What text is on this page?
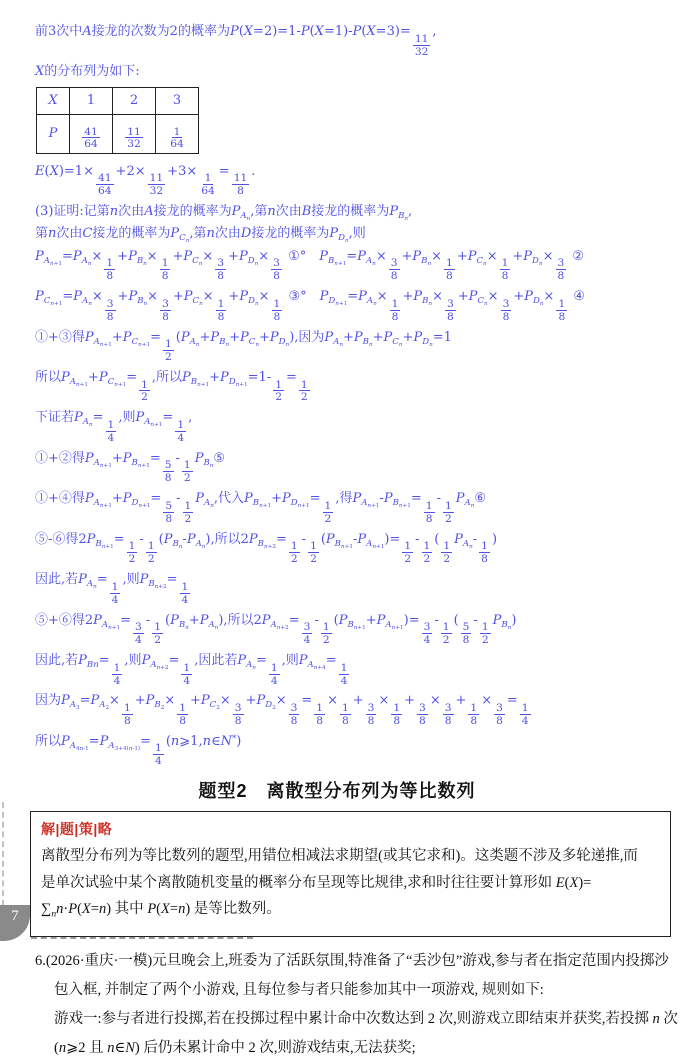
前3次中A接龙的次数为2的概率为P(X=2)=1-P(X=1)-P(X=3)=
$\frac{11}{32}$
,
X的分布列为如下:
X	1	2	3
P	$\frac{41}{64}$	$\frac{11}{32}$	$\frac{1}{64}$
E(X)=1×
$\frac{41}{64}$
+2×
$\frac{11}{32}$
+3×
$\frac{1}{64}$
=
$\frac{11}{8}$
.
(3)证明:记第n次由A接龙的概率为$P_{A_n}$,第n次由B接龙的概率为$P_{B_n}$,
第n次由C接龙的概率为$P_{C_n}$,第n次由D接龙的概率为$P_{D_n}$,则
$P_{A_{n+1}}=P_{A_n}\times$
$\frac{1}{8}$
$+P_{B_n}\times$
$\frac{1}{8}$
$+P_{C_n}\times$
$\frac{3}{8}$
$+P_{D_n}\times$
$\frac{3}{8}$
①°　$P_{B_{n+1}}=P_{A_n}\times$
$\frac{3}{8}$
$+P_{B_n}\times$
$\frac{1}{8}$
$+P_{C_n}\times$
$\frac{1}{8}$
$+P_{D_n}\times$
$\frac{3}{8}$
②
$P_{C_{n+1}}=P_{A_n}\times$
$\frac{3}{8}$
$+P_{B_n}\times$
$\frac{3}{8}$
$+P_{C_n}\times$
$\frac{1}{8}$
$+P_{D_n}\times$
$\frac{1}{8}$
③°　$P_{D_{n+1}}=P_{A_n}\times$
$\frac{1}{8}$
$+P_{B_n}\times$
$\frac{3}{8}$
$+P_{C_n}\times$
$\frac{3}{8}$
$+P_{D_n}\times$
$\frac{1}{8}$
④
①+③得$P_{A_{n+1}}+P_{C_{n+1}}=$
$\frac{1}{2}$
$(P_{A_n}+P_{B_n}+P_{C_n}+P_{D_n})$,因为$P_{A_n}+P_{B_n}+P_{C_n}+P_{D_n}=1$
所以$P_{A_{n+1}}+P_{C_{n+1}}=$
$\frac{1}{2}$
,所以$P_{B_{n+1}}+P_{D_{n+1}}=1-$
$\frac{1}{2}$
=
$\frac{1}{2}$
下证若$P_{A_n}=$
$\frac{1}{4}$
,则$P_{A_{n+1}}=$
$\frac{1}{4}$
,
①+②得$P_{A_{n+1}}+P_{B_{n+1}}=$
$\frac{5}{8}$
-
$\frac{1}{2}$
$P_{B_n}⑤$
①+④得$P_{A_{n+1}}+P_{D_{n+1}}=$
$\frac{5}{8}$
-
$\frac{1}{2}$
$P_{A_n}$,代入$P_{B_{n+1}}+P_{D_{n+1}}=$
$\frac{1}{2}$
,得$P_{A_{n+1}}-P_{B_{n+1}}=$
$\frac{1}{8}$
-
$\frac{1}{2}$
$P_{A_n}⑥$
⑤-⑥得$2P_{B_{n+1}}=$
$\frac{1}{2}$
-
$\frac{1}{2}$
$(P_{B_n}-P_{A_n})$,所以$2P_{B_{n+2}}=$
$\frac{1}{2}$
-
$\frac{1}{2}$
$(P_{B_{n+1}}-P_{A_{n+1}})=$
$\frac{1}{2}$
-
$\frac{1}{2}$
(
$\frac{1}{2}$
$P_{A_n}-$
$\frac{1}{8}$
)
因此,若$P_{A_n}=$
$\frac{1}{4}$
,则$P_{B_{n+2}}=$
$\frac{1}{4}$
⑤+⑥得$2P_{A_{n+1}}=$
$\frac{3}{4}$
-
$\frac{1}{2}$
$(P_{B_n}+P_{A_n})$,所以$2P_{A_{n+2}}=$
$\frac{3}{4}$
-
$\frac{1}{2}$
$(P_{B_{n+1}}+P_{A_{n+1}})=$
$\frac{3}{4}$
-
$\frac{1}{2}$
(
$\frac{5}{8}$
-
$\frac{1}{2}$
$P_{B_n}$)
因此,若$P_{Bn}=$
$\frac{1}{4}$
,则$P_{A_{n+2}}=$
$\frac{1}{4}$
,因此若$P_{A_n}=$
$\frac{1}{4}$
,则$P_{A_{n+4}}=$
$\frac{1}{4}$
因为$P_{A_3}=P_{A_2}\times$
$\frac{1}{8}$
$+P_{B_2}\times$
$\frac{1}{8}$
$+P_{C_2}\times$
$\frac{3}{8}$
$+P_{D_2}\times$
$\frac{3}{8}$
=
$\frac{1}{8}$
×
$\frac{1}{8}$
+
$\frac{3}{8}$
×
$\frac{1}{8}$
+
$\frac{3}{8}$
×
$\frac{3}{8}$
+
$\frac{1}{8}$
×
$\frac{3}{8}$
=
$\frac{1}{4}$
所以$P_{A_{4n-1}}=P_{A_{3+4(n-1)}}=$
$\frac{1}{4}$
(n⩾1,n∈N*)
题型2　离散型分布列为等比数列
解|题|策|略
离散型分布列为等比数列的题型,用错位相减法求期望(或其它求和)。这类题不涉及多轮递推,而
是单次试验中某个离散随机变量的概率分布呈现等比规律,求和时往往要计算形如 E(X)=
$\sum_nn\cdot P(X=n)$ 其中 P(X=n) 是等比数列。
6.(2026·重庆·一模)元旦晚会上,班委为了活跃氛围,特准备了“丢沙包”游戏,参与者在指定范围内投掷沙
包入框, 并制定了两个小游戏, 且每位参与者只能参加其中一项游戏, 规则如下:
游戏一:参与者进行投掷,若在投掷过程中累计命中次数达到 2 次,则游戏立即结束并获奖,若投掷 n 次
(n⩾2 且 n∈N) 后仍未累计命中 2 次,则游戏结束,无法获奖;
7
